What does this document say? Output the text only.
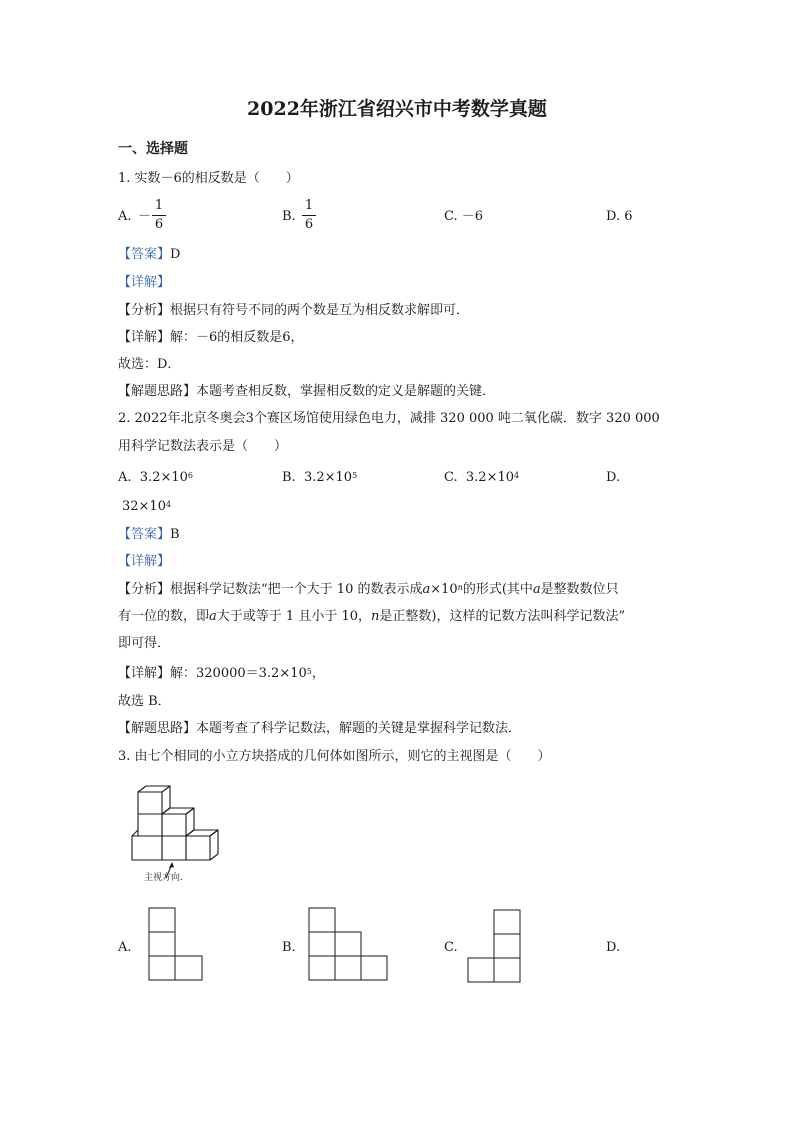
2022年浙江省绍兴市中考数学真题
一、选择题
1. 实数－6的相反数是（　　）
A. －
1
6
B.
1
6
C. －6	D. 6
【答案】D
【详解】
【分析】根据只有符号不同的两个数是互为相反数求解即可．
【详解】解：－6的相反数是6，
故选：D．
【解题思路】本题考查相反数，掌握相反数的定义是解题的关键．
2. 2022年北京冬奥会3个赛区场馆使用绿色电力，减排 320 000 吨二氧化碳．数字 320 000
用科学记数法表示是（　　）
A. $3.2\times 10^6$	B. $3.2\times 10^5$	C. $3.2\times 10^4$	D.
$32\times 10^4$
【答案】B
【详解】
【分析】根据科学记数法“把一个大于 10 的数表示成$a\times 10^n$的形式(其中a是整数数位只
有一位的数，即a大于或等于 1 且小于 10，n是正整数)，这样的记数方法叫科学记数法”
即可得．
【详解】解：$320000=3.2\times 10^5$，
故选 B．
【解题思路】本题考查了科学记数法，解题的关键是掌握科学记数法．
3. 由七个相同的小立方块搭成的几何体如图所示，则它的主视图是（　　）
主视方向.
A.	B.	C.	D.
